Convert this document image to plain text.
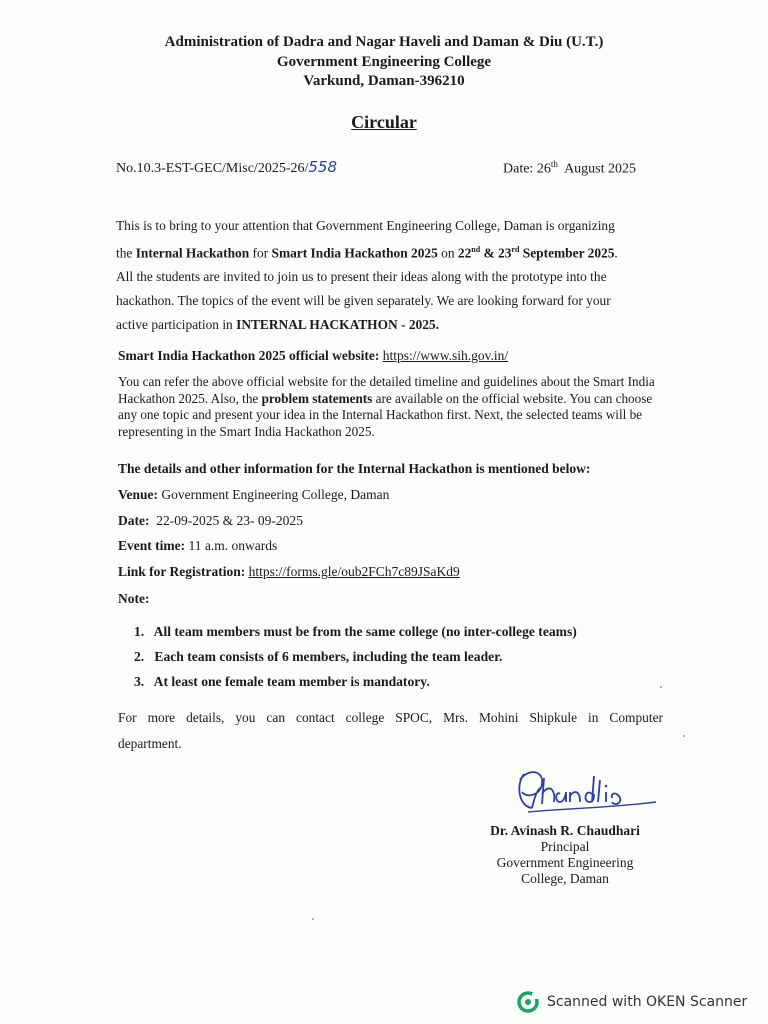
Administration of Dadra and Nagar Haveli and Daman & Diu (U.T.)
Government Engineering College
Varkund, Daman-396210
Circular
No.10.3-EST-GEC/Misc/2025-26/558	Date: 26th  August 2025
This is to bring to your attention that Government Engineering College, Daman is organizing
the Internal Hackathon for Smart India Hackathon 2025 on 22nd & 23rd September 2025.
All the students are invited to join us to present their ideas along with the prototype into the
hackathon. The topics of the event will be given separately. We are looking forward for your
active participation in INTERNAL HACKATHON - 2025.
Smart India Hackathon 2025 official website: https://www.sih.gov.in/
You can refer the above official website for the detailed timeline and guidelines about the Smart India Hackathon 2025. Also, the problem statements are available on the official website. You can choose any one topic and present your idea in the Internal Hackathon first. Next, the selected teams will be representing in the Smart India Hackathon 2025.
The details and other information for the Internal Hackathon is mentioned below:
Venue: Government Engineering College, Daman
Date:  22-09-2025 & 23- 09-2025
Event time: 11 a.m. onwards
Link for Registration: https://forms.gle/oub2FCh7c89JSaKd9
Note:
1.   All team members must be from the same college (no inter-college teams)
2.   Each team consists of 6 members, including the team leader.
3.   At least one female team member is mandatory.
For more details, you can contact college SPOC, Mrs. Mohini Shipkule in Computer
department.
Dr. Avinash R. Chaudhari
Principal
Government Engineering
College, Daman
Scanned with OKEN Scanner
